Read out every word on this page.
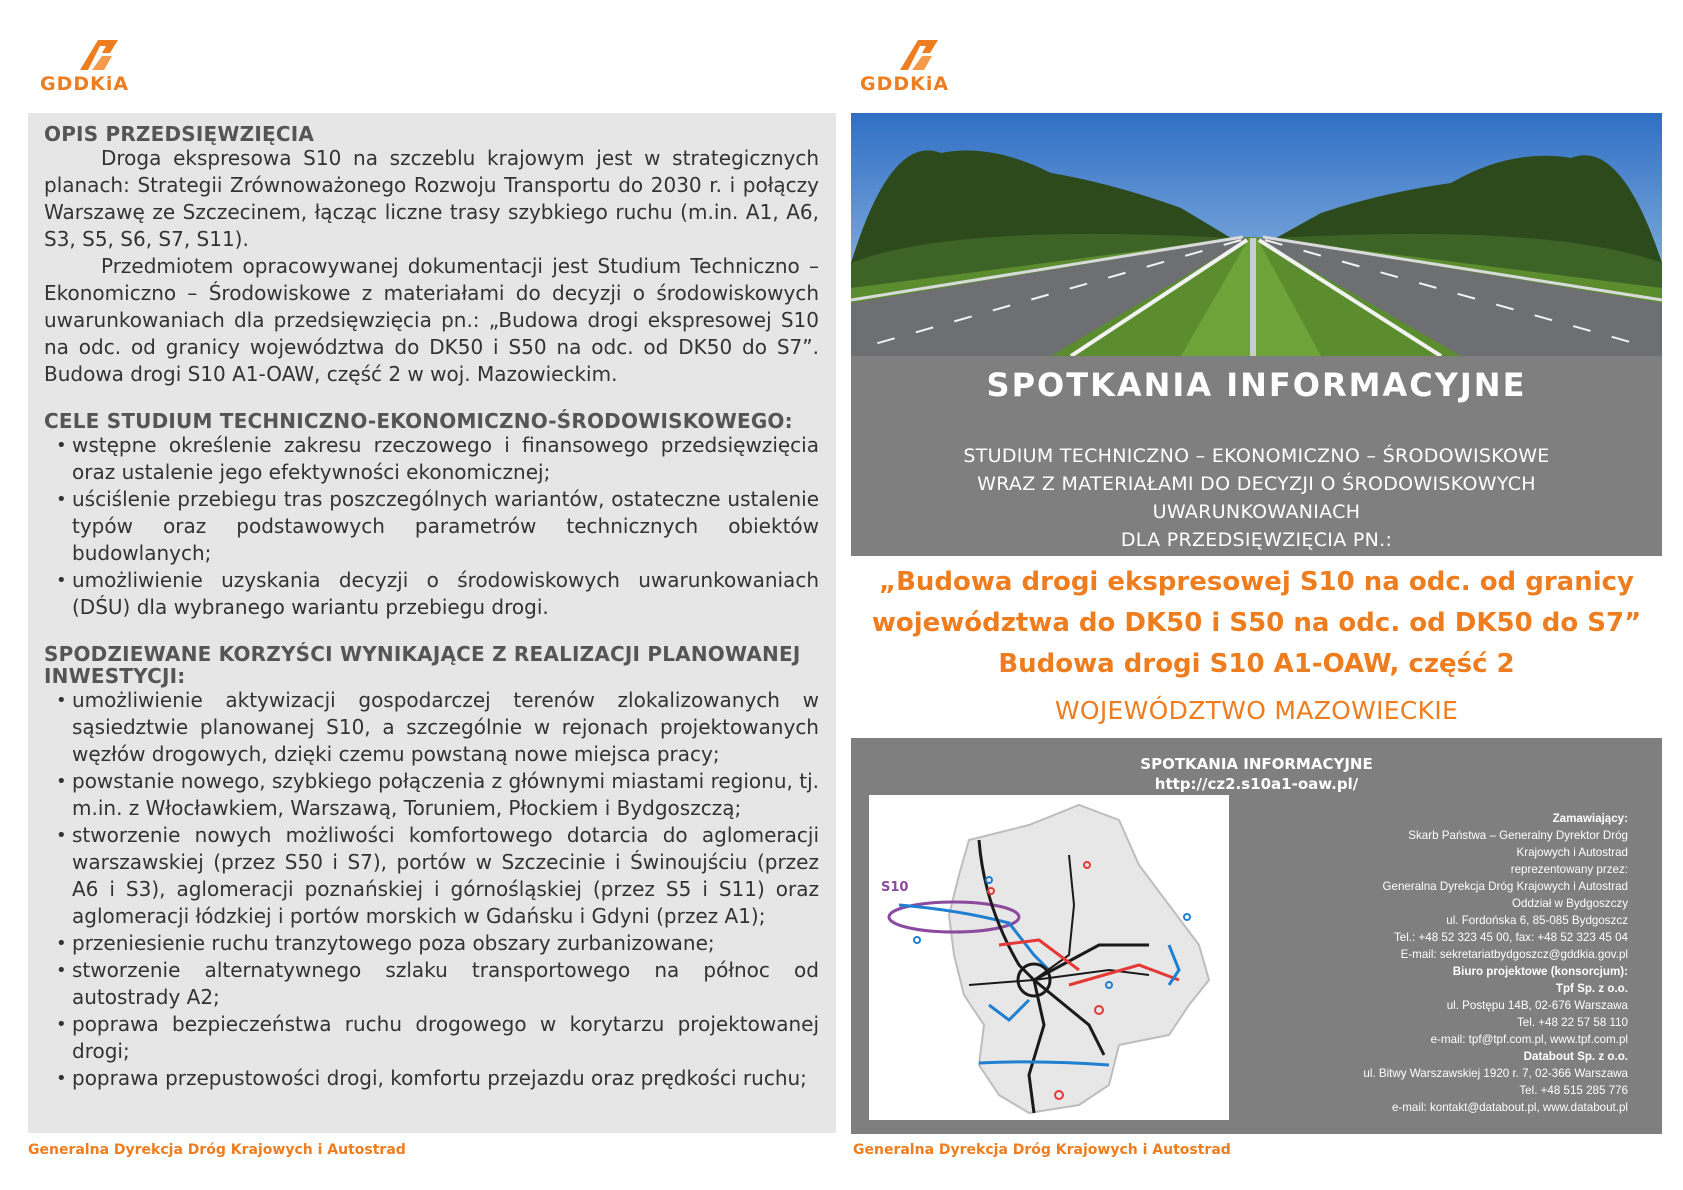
GDDKiA	GDDKiA
OPIS PRZEDSIĘWZIĘCIA

Droga ekspresowa S10 na szczeblu krajowym jest w strategicznych planach: Strategii Zrównoważonego Rozwoju Transportu do 2030 r. i połączy Warszawę ze Szczecinem, łącząc liczne trasy szybkiego ruchu (m.in. A1, A6, S3, S5, S6, S7, S11).

Przedmiotem opracowywanej dokumentacji jest Studium Techniczno – Ekonomiczno – Środowiskowe z materiałami do decyzji o środowiskowych uwarunkowaniach dla przedsięwzięcia pn.: „Budowa drogi ekspresowej S10 na odc. od granicy województwa do DK50 i S50 na odc. od DK50 do S7”. Budowa drogi S10 A1-OAW, część 2 w woj. Mazowieckim.

CELE STUDIUM TECHNICZNO-EKONOMICZNO-ŚRODOWISKOWEGO:
• wstępne określenie zakresu rzeczowego i finansowego przedsięwzięcia oraz ustalenie jego efektywności ekonomicznej;
• uściślenie przebiegu tras poszczególnych wariantów, ostateczne ustalenie typów oraz podstawowych parametrów technicznych obiektów budowlanych;
• umożliwienie uzyskania decyzji o środowiskowych uwarunkowaniach (DŚU) dla wybranego wariantu przebiegu drogi.
SPODZIEWANE KORZYŚCI WYNIKAJĄCE Z REALIZACJI PLANOWANEJ INWESTYCJI:
• umożliwienie aktywizacji gospodarczej terenów zlokalizowanych w sąsiedztwie planowanej S10, a szczególnie w rejonach projektowanych węzłów drogowych, dzięki czemu powstaną nowe miejsca pracy;
• powstanie nowego, szybkiego połączenia z głównymi miastami regionu, tj. m.in. z Włocławkiem, Warszawą, Toruniem, Płockiem i Bydgoszczą;
• stworzenie nowych możliwości komfortowego dotarcia do aglomeracji warszawskiej (przez S50 i S7), portów w Szczecinie i Świnoujściu (przez A6 i S3), aglomeracji poznańskiej i górnośląskiej (przez S5 i S11) oraz aglomeracji łódzkiej i portów morskich w Gdańsku i Gdyni (przez A1);
• przeniesienie ruchu tranzytowego poza obszary zurbanizowane;
• stworzenie alternatywnego szlaku transportowego na północ od autostrady A2;
• poprawa bezpieczeństwa ruchu drogowego w korytarzu projektowanej drogi;
• poprawa przepustowości drogi, komfortu przejazdu oraz prędkości ruchu;
Generalna Dyrekcja Dróg Krajowych i Autostrad
SPOTKANIA INFORMACYJNE
STUDIUM TECHNICZNO – EKONOMICZNO – ŚRODOWISKOWE
WRAZ Z MATERIAŁAMI DO DECYZJI O ŚRODOWISKOWYCH
UWARUNKOWANIACH
DLA PRZEDSIĘWZIĘCIA PN.:
„Budowa drogi ekspresowej S10 na odc. od granicy
województwa do DK50 i S50 na odc. od DK50 do S7”
Budowa drogi S10 A1-OAW, część 2
WOJEWÓDZTWO MAZOWIECKIE
SPOTKANIA INFORMACYJNE
http://cz2.s10a1-oaw.pl/
S10
Zamawiający:
Skarb Państwa – Generalny Dyrektor Dróg
Krajowych i Autostrad
reprezentowany przez:
Generalna Dyrekcja Dróg Krajowych i Autostrad
Oddział w Bydgoszczy
ul. Fordońska 6, 85-085 Bydgoszcz
Tel.: +48 52 323 45 00, fax: +48 52 323 45 04
E-mail: sekretariatbydgoszcz@gddkia.gov.pl
Biuro projektowe (konsorcjum):
Tpf Sp. z o.o.
ul. Postępu 14B, 02-676 Warszawa
Tel. +48 22 57 58 110
e-mail: tpf@tpf.com.pl, www.tpf.com.pl
Databout Sp. z o.o.
ul. Bitwy Warszawskiej 1920 r. 7, 02-366 Warszawa
Tel. +48 515 285 776
e-mail: kontakt@databout.pl, www.databout.pl
Generalna Dyrekcja Dróg Krajowych i Autostrad
